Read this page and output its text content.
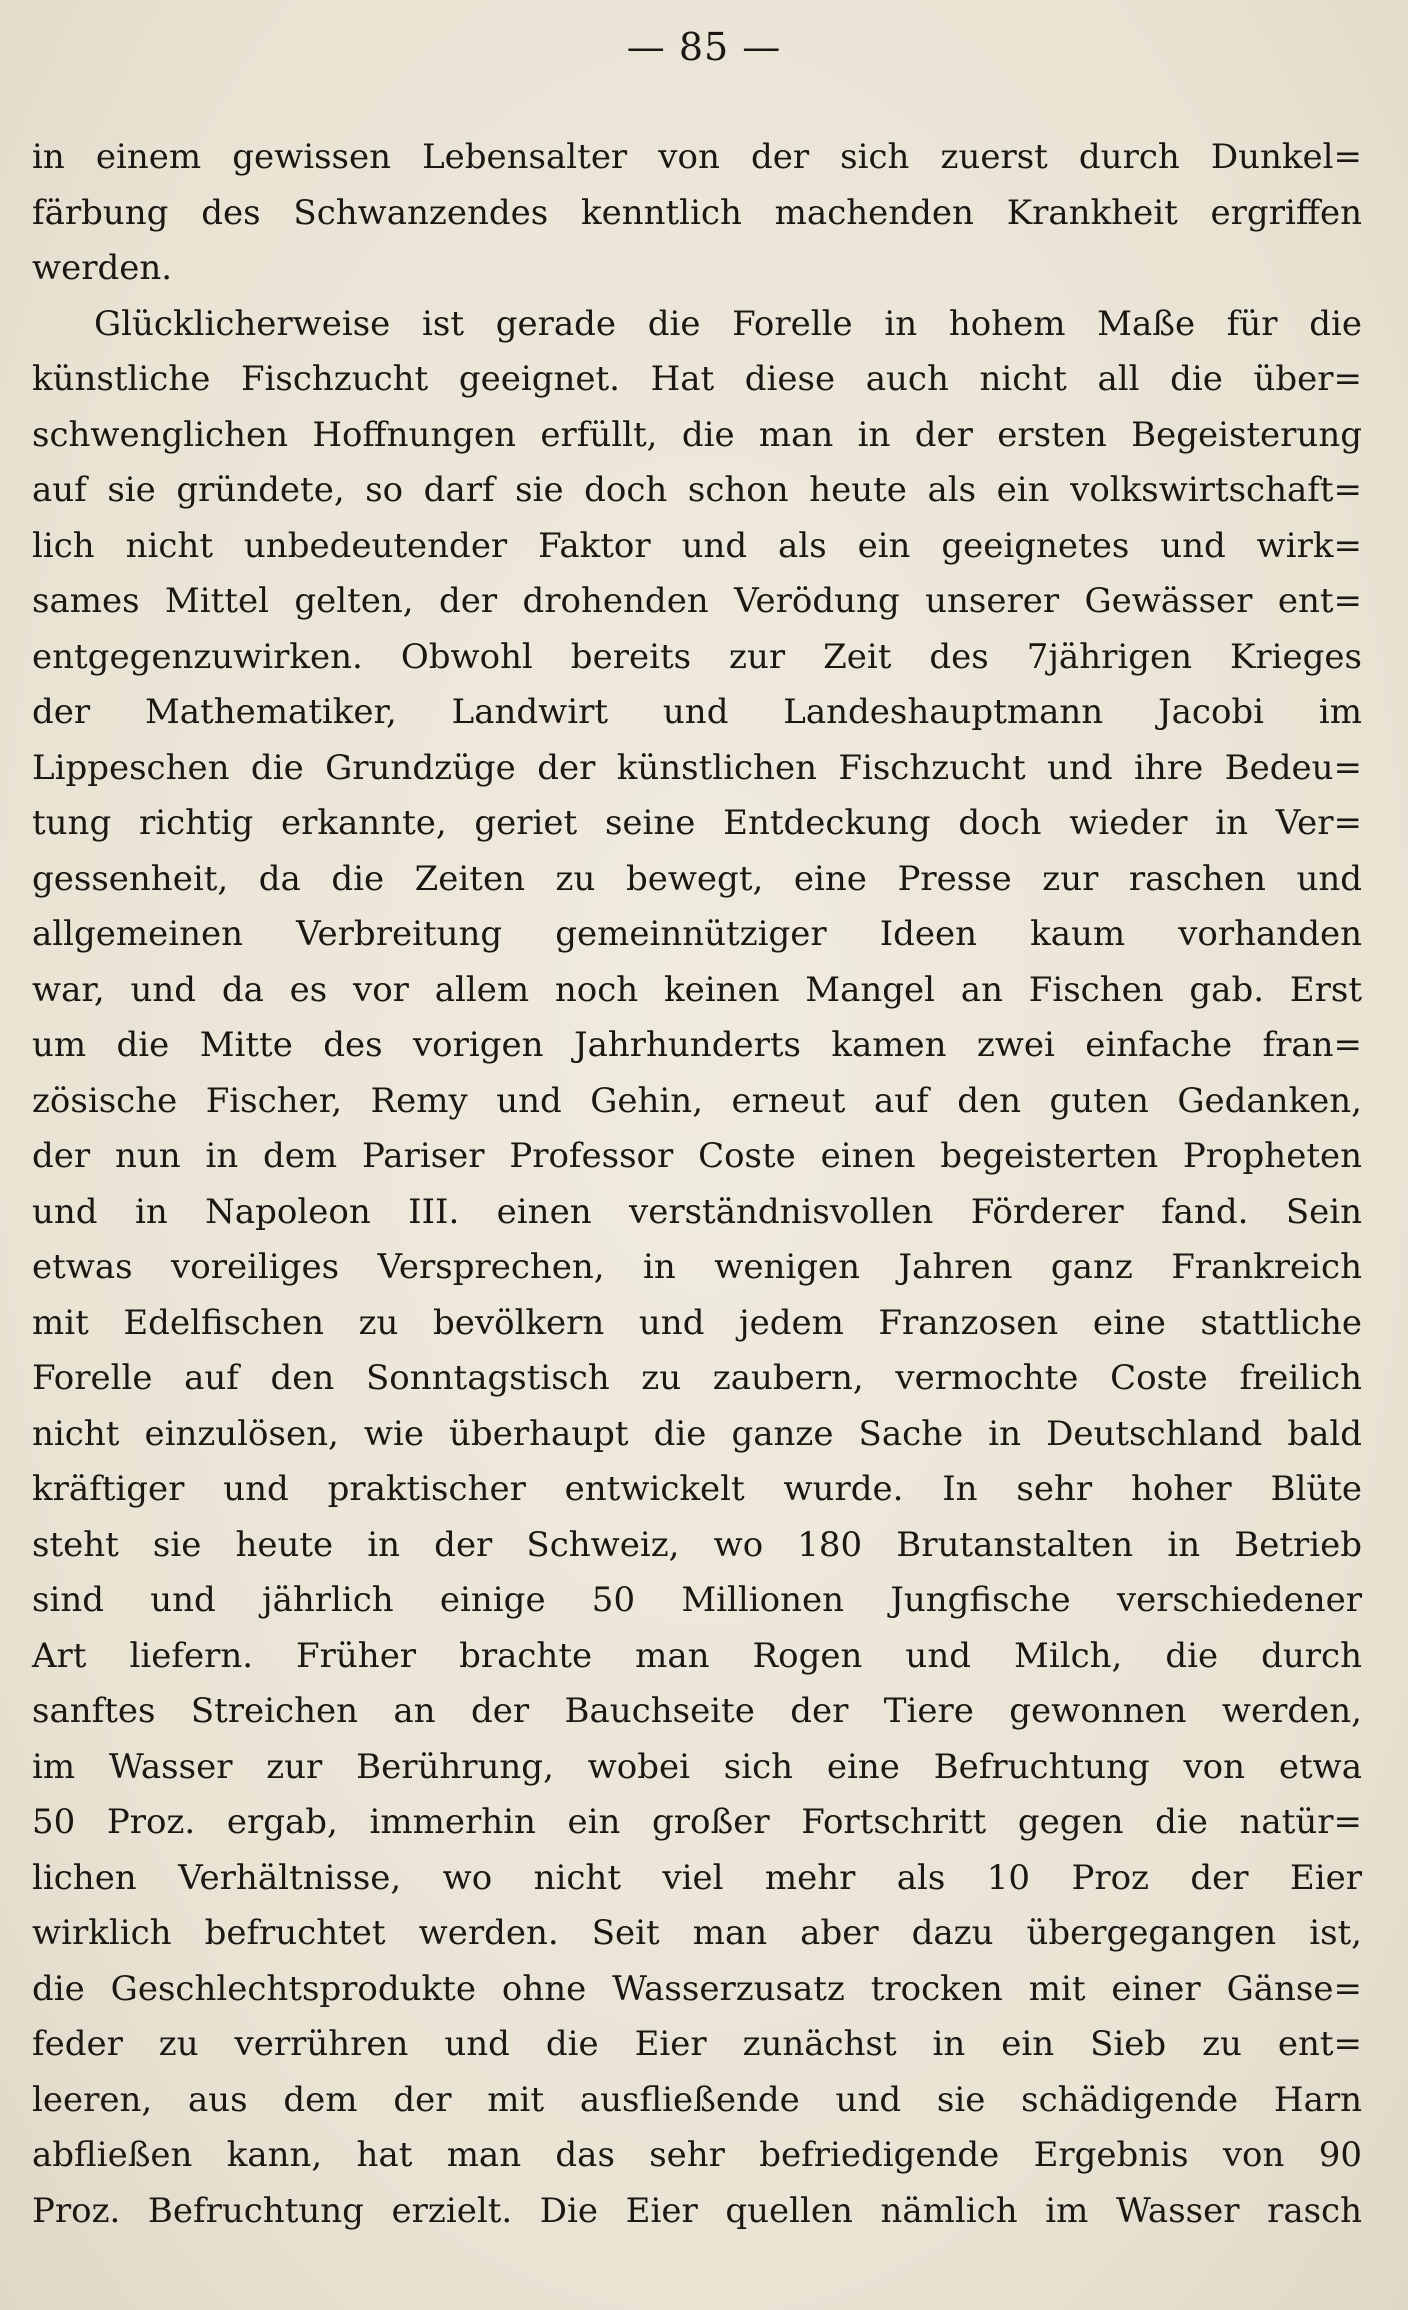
— 85 —
in einem gewissen Lebensalter von der sich zuerst durch Dunkel=
färbung des Schwanzendes kenntlich machenden Krankheit ergriffen
werden.
Glücklicherweise ist gerade die Forelle in hohem Maße für die
künstliche Fischzucht geeignet. Hat diese auch nicht all die über=
schwenglichen Hoffnungen erfüllt, die man in der ersten Begeisterung
auf sie gründete, so darf sie doch schon heute als ein volkswirtschaft=
lich nicht unbedeutender Faktor und als ein geeignetes und wirk=
sames Mittel gelten, der drohenden Verödung unserer Gewässer ent=
entgegenzuwirken. Obwohl bereits zur Zeit des 7jährigen Krieges
der Mathematiker, Landwirt und Landeshauptmann Jacobi im
Lippeschen die Grundzüge der künstlichen Fischzucht und ihre Bedeu=
tung richtig erkannte, geriet seine Entdeckung doch wieder in Ver=
gessenheit, da die Zeiten zu bewegt, eine Presse zur raschen und
allgemeinen Verbreitung gemeinnütziger Ideen kaum vorhanden
war, und da es vor allem noch keinen Mangel an Fischen gab. Erst
um die Mitte des vorigen Jahrhunderts kamen zwei einfache fran=
zösische Fischer, Remy und Gehin, erneut auf den guten Gedanken,
der nun in dem Pariser Professor Coste einen begeisterten Propheten
und in Napoleon III. einen verständnisvollen Förderer fand. Sein
etwas voreiliges Versprechen, in wenigen Jahren ganz Frankreich
mit Edelfischen zu bevölkern und jedem Franzosen eine stattliche
Forelle auf den Sonntagstisch zu zaubern, vermochte Coste freilich
nicht einzulösen, wie überhaupt die ganze Sache in Deutschland bald
kräftiger und praktischer entwickelt wurde. In sehr hoher Blüte
steht sie heute in der Schweiz, wo 180 Brutanstalten in Betrieb
sind und jährlich einige 50 Millionen Jungfische verschiedener
Art liefern. Früher brachte man Rogen und Milch, die durch
sanftes Streichen an der Bauchseite der Tiere gewonnen werden,
im Wasser zur Berührung, wobei sich eine Befruchtung von etwa
50 Proz. ergab, immerhin ein großer Fortschritt gegen die natür=
lichen Verhältnisse, wo nicht viel mehr als 10 Proz der Eier
wirklich befruchtet werden. Seit man aber dazu übergegangen ist,
die Geschlechtsprodukte ohne Wasserzusatz trocken mit einer Gänse=
feder zu verrühren und die Eier zunächst in ein Sieb zu ent=
leeren, aus dem der mit ausfließende und sie schädigende Harn
abfließen kann, hat man das sehr befriedigende Ergebnis von 90
Proz. Befruchtung erzielt. Die Eier quellen nämlich im Wasser rasch
